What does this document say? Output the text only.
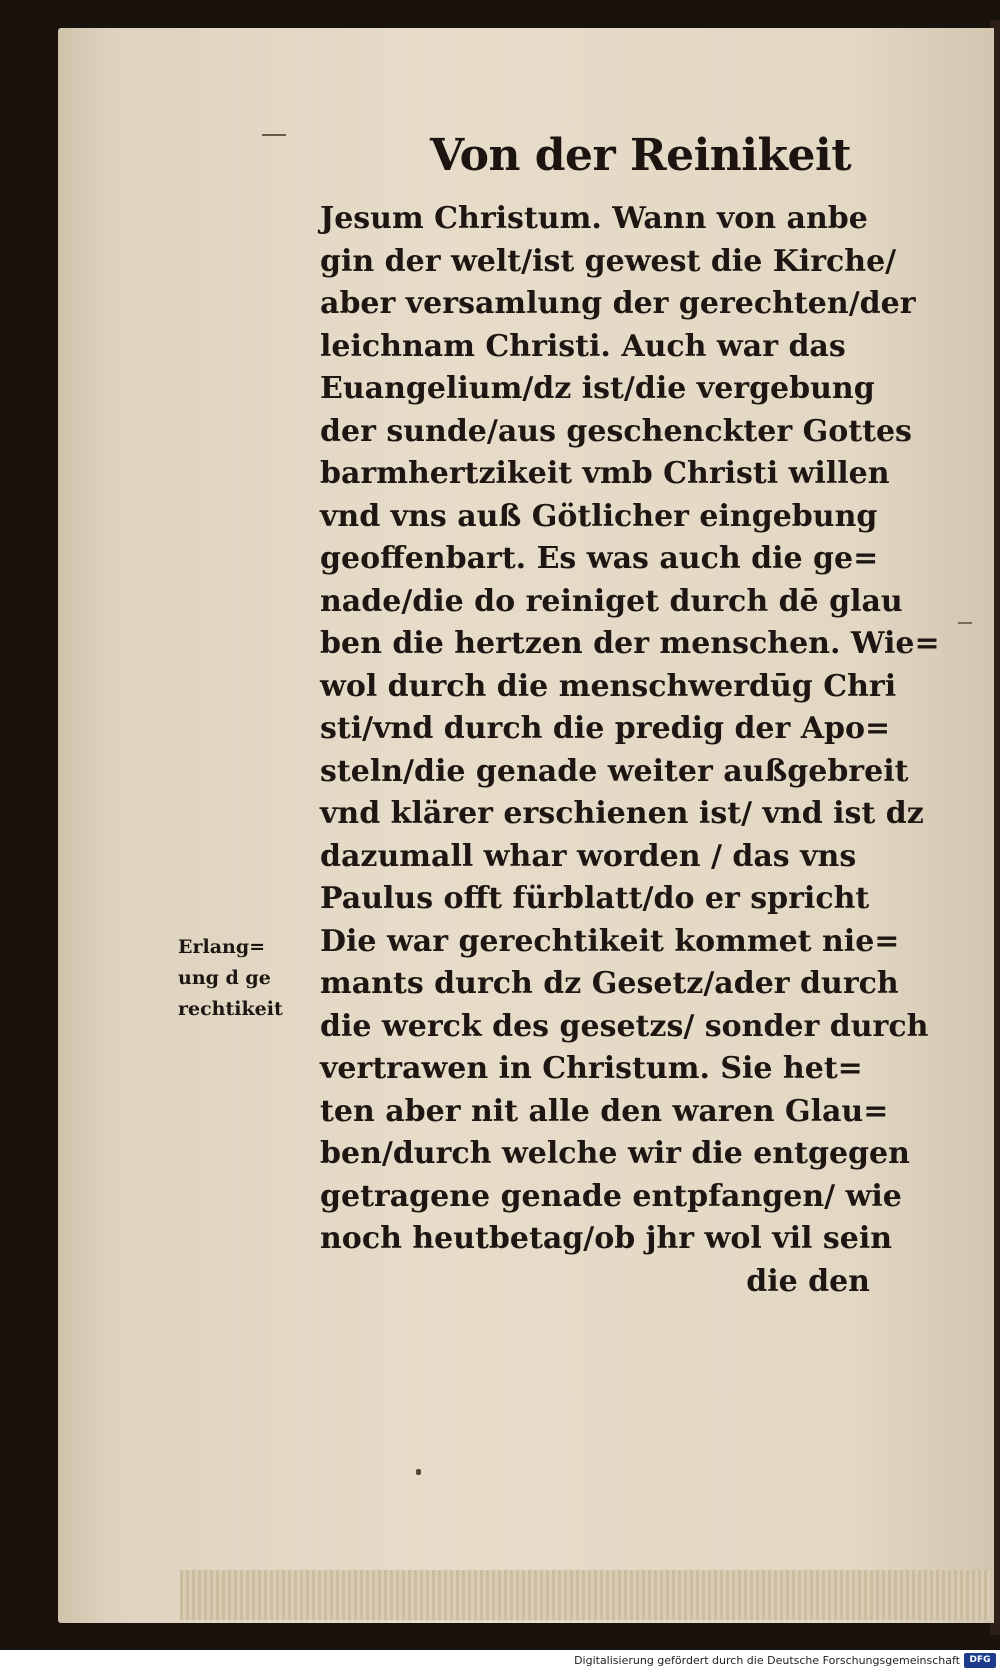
Von der Reinikeit
Jesum Christum. Wann von anbe
gin der welt/ist gewest die Kirche/
aber versamlung der gerechten/der
leichnam Christi. Auch war das
Euangelium/dz ist/die vergebung
der sunde/aus geschenckter Gottes
barmhertzikeit vmb Christi willen
vnd vns auß Götlicher eingebung
geoffenbart. Es was auch die ge=
nade/die do reiniget durch dē glau
ben die hertzen der menschen. Wie=
wol durch die menschwerdūg Chri
sti/vnd durch die predig der Apo=
steln/die genade weiter außgebreit
vnd klärer erschienen ist/ vnd ist dz
dazumall whar worden / das vns
Paulus offt fürblatt/do er spricht
Die war gerechtikeit kommet nie=
mants durch dz Gesetz/ader durch
die werck des gesetzs/ sonder durch
vertrawen in Christum. Sie het=
ten aber nit alle den waren Glau=
ben/durch welche wir die entgegen
getragene genade entpfangen/ wie
noch heutbetag/ob jhr wol vil sein
die den
Erlang=
ung d ge
rechtikeit
Digitalisierung gefördert durch die Deutsche Forschungsgemeinschaft	DFG
